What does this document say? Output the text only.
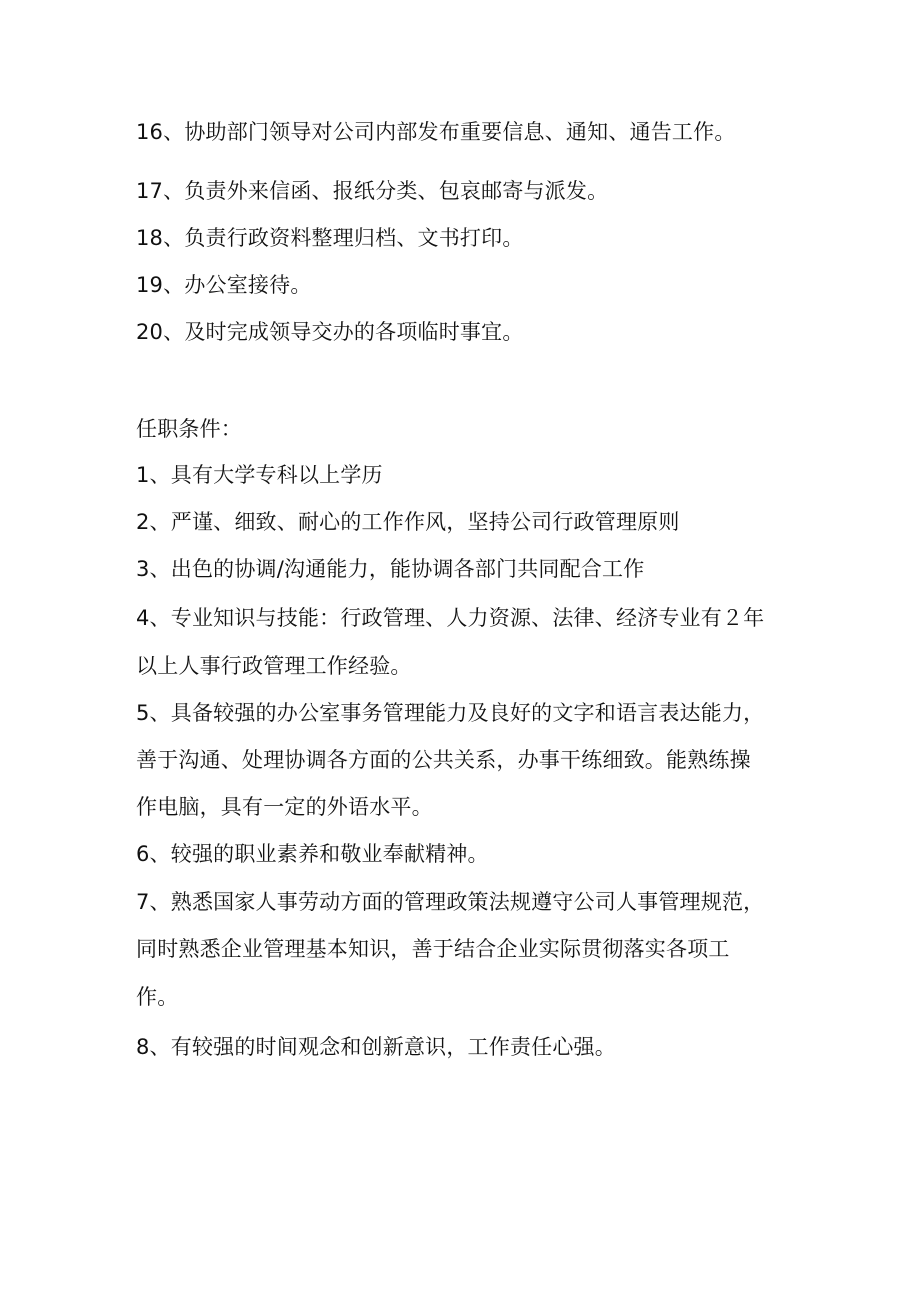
16、协助部门领导对公司内部发布重要信息、通知、通告工作。
17、负责外来信函、报纸分类、包哀邮寄与派发。
18、负责行政资料整理归档、文书打印。
19、办公室接待。
20、及时完成领导交办的各项临时事宜。
任职条件：
1、具有大学专科以上学历
2、严谨、细致、耐心的工作作风，坚持公司行政管理原则
3、出色的协调/沟通能力，能协调各部门共同配合工作
4、专业知识与技能：行政管理、人力资源、法律、经济专业有２年
以上人事行政管理工作经验。
5、具备较强的办公室事务管理能力及良好的文字和语言表达能力，
善于沟通、处理协调各方面的公共关系，办事干练细致。能熟练操
作电脑，具有一定的外语水平。
6、较强的职业素养和敬业奉献精神。
7、熟悉国家人事劳动方面的管理政策法规遵守公司人事管理规范，
同时熟悉企业管理基本知识，善于结合企业实际贯彻落实各项工
作。
8、有较强的时间观念和创新意识，工作责任心强。
